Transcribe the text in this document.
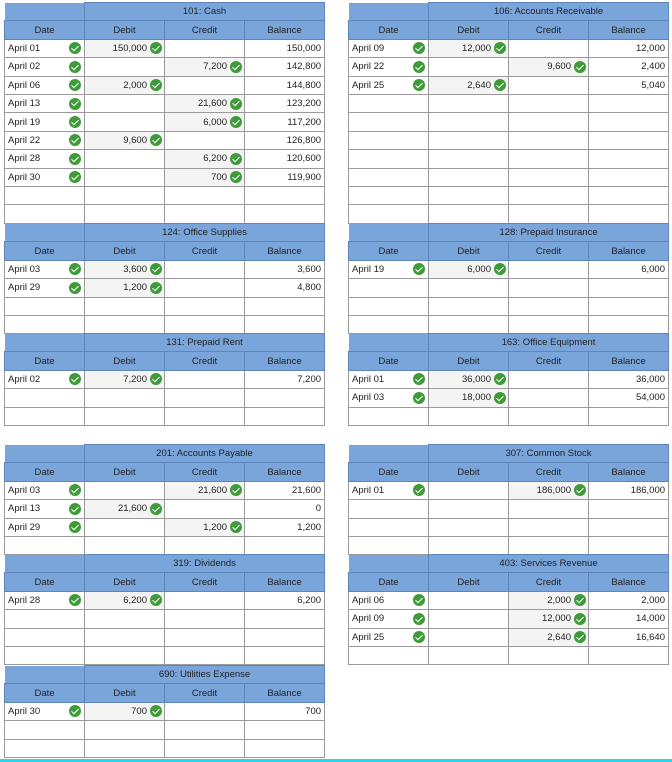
	101: Cash		
Date	Debit	Credit	Balance

April 01	150,000		150,000

April 02		7,200	142,800

April 06	2,000		144,800

April 13		21,600	123,200

April 19		6,000	117,200

April 22	9,600		126,800

April 28		6,200	120,600

April 30		700	119,900

	106: Accounts Receivable		
Date	Debit	Credit	Balance

April 09	12,000		12,000

April 22		9,600	2,400

April 25	2,640		5,040

	124: Office Supplies		
Date	Debit	Credit	Balance

April 03	3,600		3,600

April 29	1,200		4,800

	128: Prepaid Insurance		
Date	Debit	Credit	Balance

April 19	6,000		6,000

	131: Prepaid Rent		
Date	Debit	Credit	Balance

April 02	7,200		7,200

	163: Office Equipment		
Date	Debit	Credit	Balance

April 01	36,000		36,000

April 03	18,000		54,000

	201: Accounts Payable		
Date	Debit	Credit	Balance

April 03		21,600	21,600

April 13	21,600		0

April 29		1,200	1,200

	307: Common Stock		
Date	Debit	Credit	Balance

April 01		186,000	186,000

	319: Dividends		
Date	Debit	Credit	Balance

April 28	6,200		6,200

	403: Services Revenue		
Date	Debit	Credit	Balance

April 06		2,000	2,000

April 09		12,000	14,000

April 25		2,640	16,640

	690: Utilities Expense		
Date	Debit	Credit	Balance

April 30	700		700
